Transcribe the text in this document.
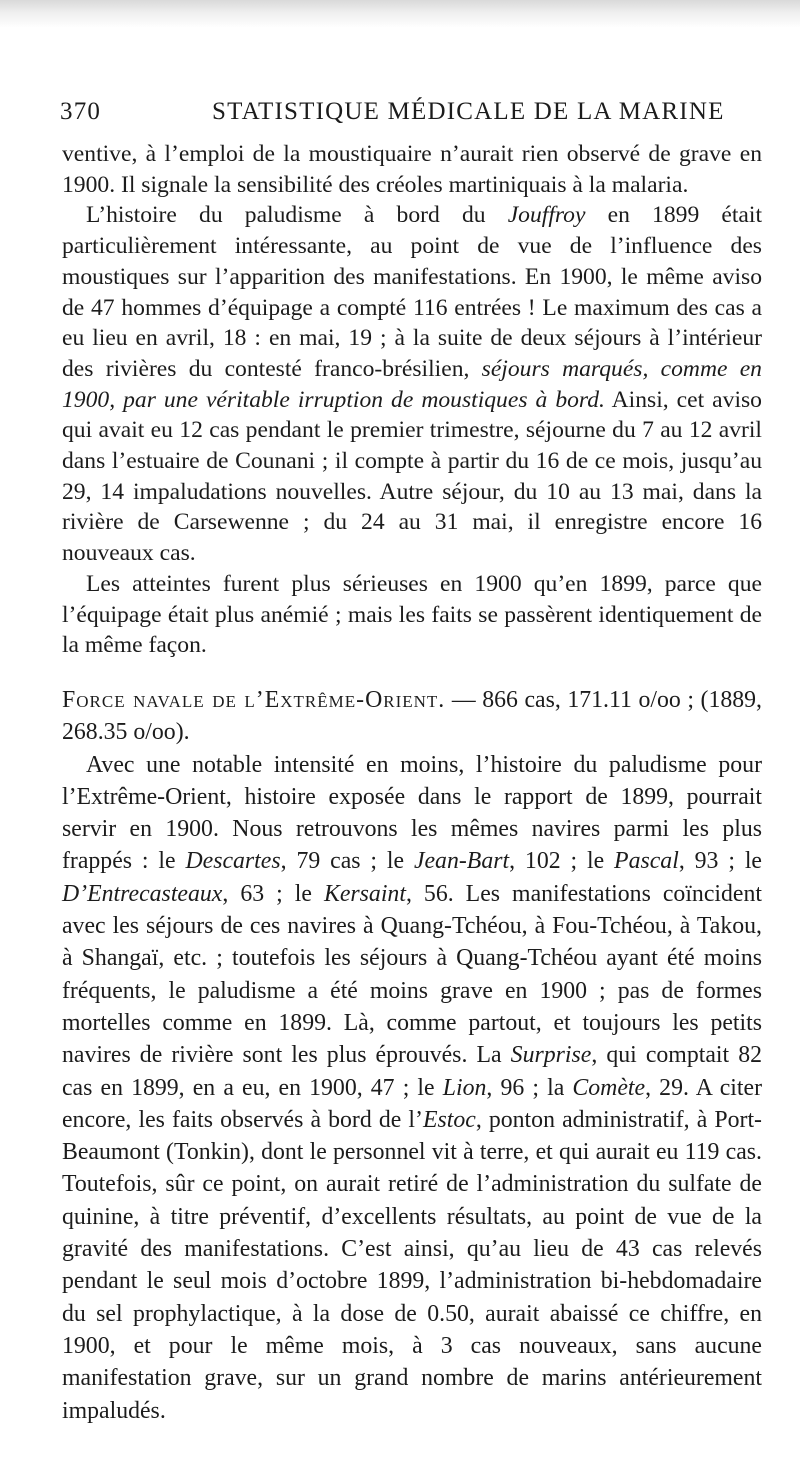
370	STATISTIQUE MÉDICALE DE LA MARINE

ventive, à l’emploi de la moustiquaire n’aurait rien observé de grave en 1900. Il signale la sensibilité des créoles martiniquais à la malaria.

L’histoire du paludisme à bord du Jouffroy en 1899 était particulièrement intéressante, au point de vue de l’influence des moustiques sur l’apparition des manifestations. En 1900, le même aviso de 47 hommes d’équipage a compté 116 entrées ! Le maximum des cas a eu lieu en avril, 18 : en mai, 19 ; à la suite de deux séjours à l’intérieur des rivières du contesté franco-brésilien, séjours marqués, comme en 1900, par une véritable irruption de moustiques à bord. Ainsi, cet aviso qui avait eu 12 cas pendant le premier trimestre, séjourne du 7 au 12 avril dans l’estuaire de Counani ; il compte à partir du 16 de ce mois, jusqu’au 29, 14 impaludations nouvelles. Autre séjour, du 10 au 13 mai, dans la rivière de Carsewenne ; du 24 au 31 mai, il enregistre encore 16 nouveaux cas.

Les atteintes furent plus sérieuses en 1900 qu’en 1899, parce que l’équipage était plus anémié ; mais les faits se passèrent identiquement de la même façon.

Force navale de l’Extrême-Orient. — 866 cas, 171.11 o/oo ; (1889, 268.35 o/oo).

Avec une notable intensité en moins, l’histoire du paludisme pour l’Extrême-Orient, histoire exposée dans le rapport de 1899, pourrait servir en 1900. Nous retrouvons les mêmes navires parmi les plus frappés : le Descartes, 79 cas ; le Jean-Bart, 102 ; le Pascal, 93 ; le D’Entrecasteaux, 63 ; le Kersaint, 56. Les manifestations coïncident avec les séjours de ces navires à Quang-Tchéou, à Fou-Tchéou, à Takou, à Shangaï, etc. ; toutefois les séjours à Quang-Tchéou ayant été moins fréquents, le paludisme a été moins grave en 1900 ; pas de formes mortelles comme en 1899. Là, comme partout, et toujours les petits navires de rivière sont les plus éprouvés. La Surprise, qui comptait 82 cas en 1899, en a eu, en 1900, 47 ; le Lion, 96 ; la Comète, 29. A citer encore, les faits observés à bord de l’Estoc, ponton administratif, à Port-Beaumont (Tonkin), dont le personnel vit à terre, et qui aurait eu 119 cas. Toutefois, sûr ce point, on aurait retiré de l’administration du sulfate de quinine, à titre préventif, d’excellents résultats, au point de vue de la gravité des manifestations. C’est ainsi, qu’au lieu de 43 cas relevés pendant le seul mois d’octobre 1899, l’administration bi-hebdomadaire du sel prophylactique, à la dose de 0.50, aurait abaissé ce chiffre, en 1900, et pour le même mois, à 3 cas nouveaux, sans aucune manifestation grave, sur un grand nombre de marins antérieurement impaludés.
